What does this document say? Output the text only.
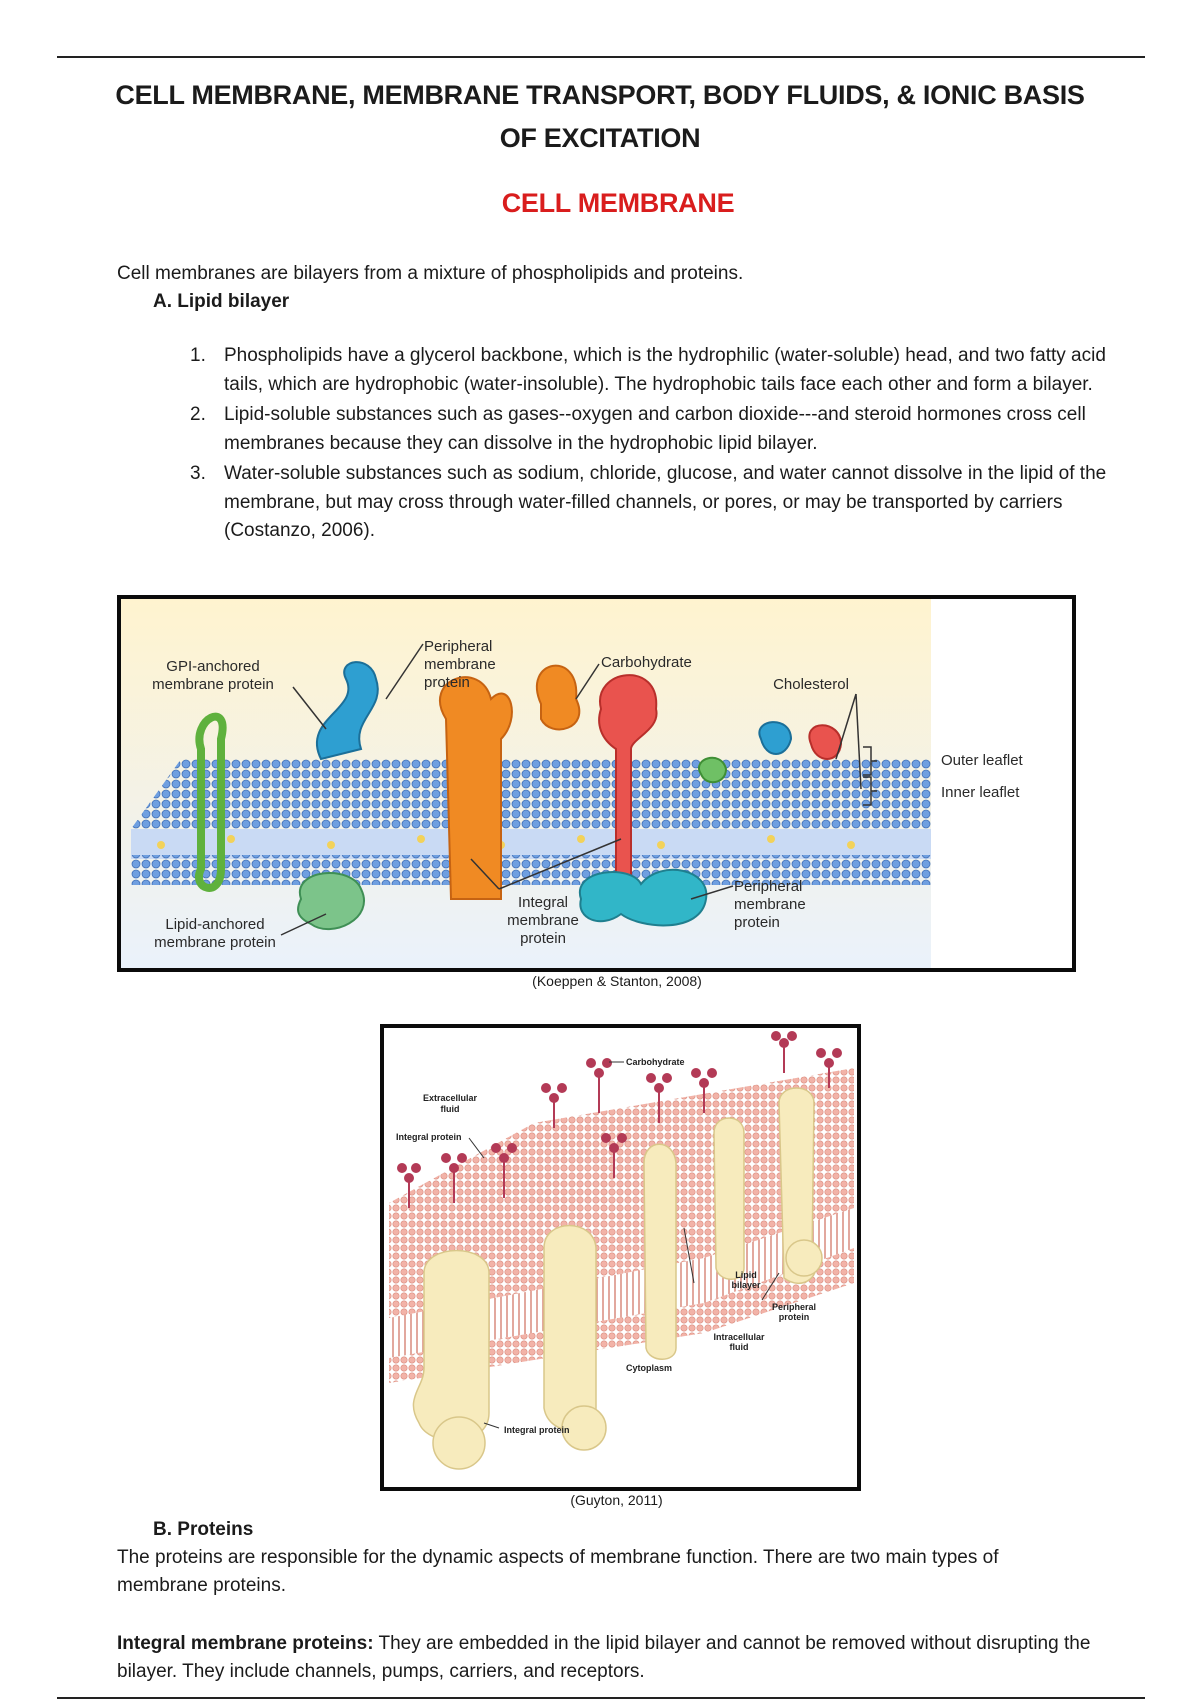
CELL MEMBRANE, MEMBRANE TRANSPORT, BODY FLUIDS, & IONIC BASIS
OF EXCITATION
CELL MEMBRANE
Cell membranes are bilayers from a mixture of phospholipids and proteins.
A. Lipid bilayer
1. Phospholipids have a glycerol backbone, which is the hydrophilic (water-soluble) head, and two fatty acid tails, which are hydrophobic (water-insoluble). The hydrophobic tails face each other and form a bilayer.
2. Lipid-soluble substances such as gases--oxygen and carbon dioxide---and steroid hormones cross cell membranes because they can dissolve in the hydrophobic lipid bilayer.
3. Water-soluble substances such as sodium, chloride, glucose, and water cannot dissolve in the lipid of the membrane, but may cross through water-filled channels, or pores, or may be transported by carriers (Costanzo, 2006).
GPI-anchored
membrane protein
Peripheral
membrane
protein
Carbohydrate
Cholesterol
Outer leaflet
Inner leaflet
Lipid-anchored
membrane protein
Integral
membrane
protein
Peripheral
membrane
protein
(Koeppen & Stanton, 2008)
Carbohydrate
Extracellular
fluid
Integral protein
Lipid
bilayer
Peripheral
protein
Intracellular
fluid
Cytoplasm
Integral protein
(Guyton, 2011)
B. Proteins
The proteins are responsible for the dynamic aspects of membrane function. There are two main types of membrane proteins.
Integral membrane proteins: They are embedded in the lipid bilayer and cannot be removed without disrupting the bilayer. They include channels, pumps, carriers, and receptors.
